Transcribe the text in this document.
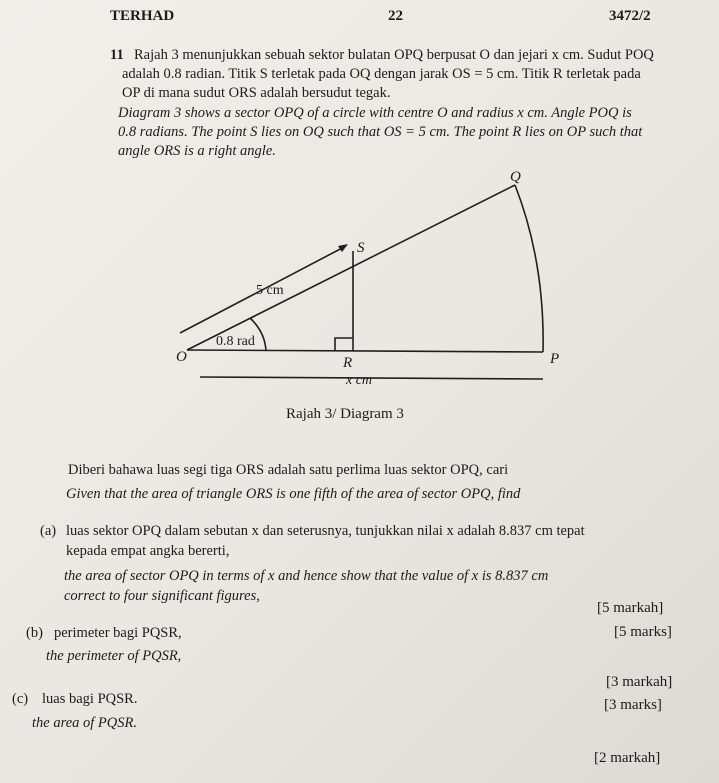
TERHAD	22	3472/2
11 Rajah 3 menunjukkan sebuah sektor bulatan OPQ berpusat O dan jejari x cm. Sudut POQ
adalah 0.8 radian. Titik S terletak pada OQ dengan jarak OS = 5 cm. Titik R terletak pada
OP di mana sudut ORS adalah bersudut tegak.
Diagram 3 shows a sector OPQ of a circle with centre O and radius x cm. Angle POQ is
0.8 radians. The point S lies on OQ such that OS = 5 cm. The point R lies on OP such that
angle ORS is a right angle.
Q
S
O	R	P
5 cm
0.8 rad
x cm
Rajah 3/ Diagram 3
Diberi bahawa luas segi tiga ORS adalah satu perlima luas sektor OPQ, cari
Given that the area of triangle ORS is one fifth of the area of sector OPQ, find
(a) luas sektor OPQ dalam sebutan x dan seterusnya, tunjukkan nilai x adalah 8.837 cm tepat
kepada empat angka bererti,
the area of sector OPQ in terms of x and hence show that the value of x is 8.837 cm
correct to four significant figures,
[5 markah]
[5 marks]
(b) perimeter bagi PQSR,
the perimeter of PQSR,
[3 markah]
[3 marks]
(c) luas bagi PQSR.
the area of PQSR.
[2 markah]
